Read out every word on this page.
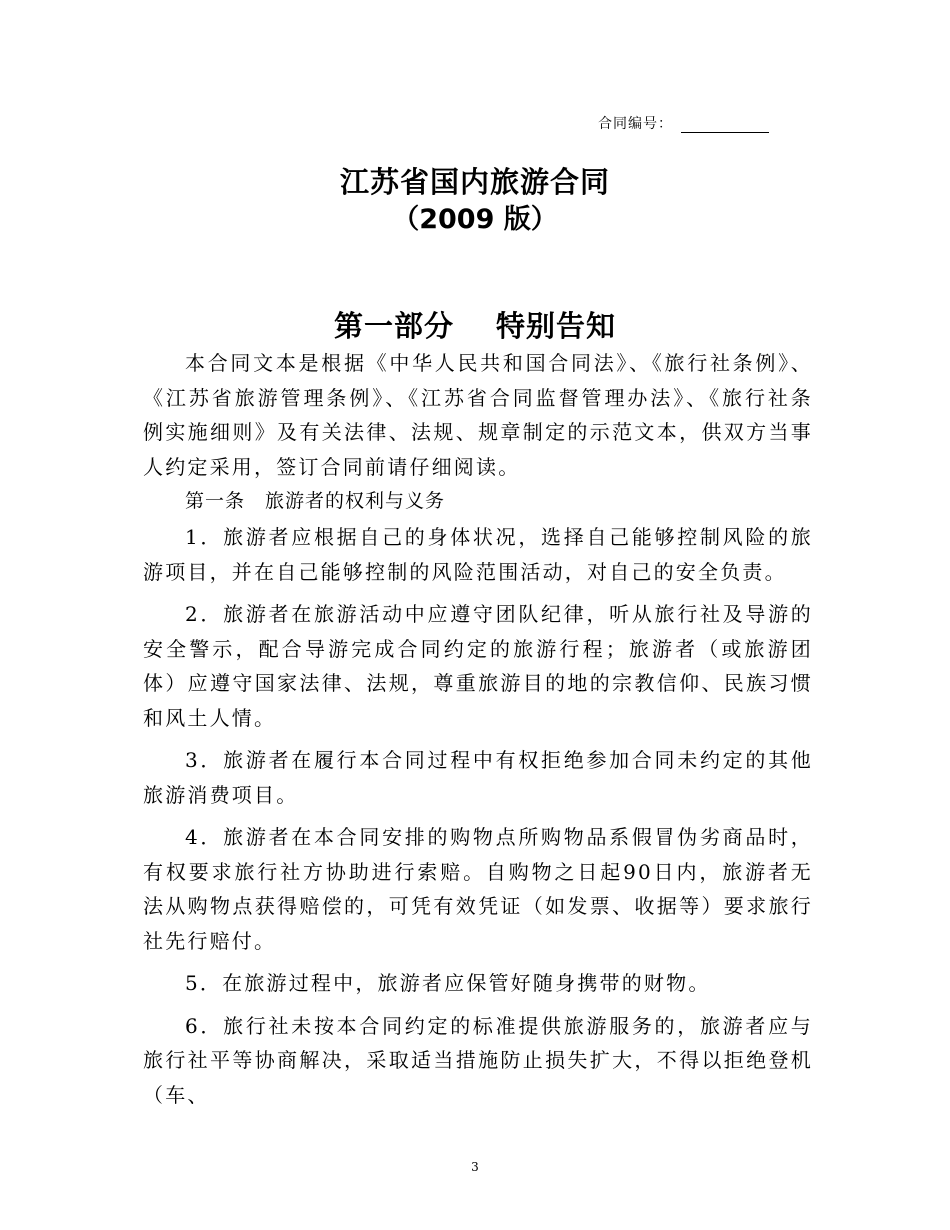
合同编号：
江苏省国内旅游合同
（2009 版）
第一部分 特别告知

本合同文本是根据《中华人民共和国合同法》、《旅行社条例》、《江苏省旅游管理条例》、《江苏省合同监督管理办法》、《旅行社条例实施细则》及有关法律、法规、规章制定的示范文本，供双方当事人约定采用，签订合同前请仔细阅读。

第一条 旅游者的权利与义务

1．旅游者应根据自己的身体状况，选择自己能够控制风险的旅游项目，并在自己能够控制的风险范围活动，对自己的安全负责。

2．旅游者在旅游活动中应遵守团队纪律，听从旅行社及导游的安全警示，配合导游完成合同约定的旅游行程；旅游者（或旅游团体）应遵守国家法律、法规，尊重旅游目的地的宗教信仰、民族习惯和风土人情。

3．旅游者在履行本合同过程中有权拒绝参加合同未约定的其他旅游消费项目。

4．旅游者在本合同安排的购物点所购物品系假冒伪劣商品时，有权要求旅行社方协助进行索赔。自购物之日起90日内，旅游者无法从购物点获得赔偿的，可凭有效凭证（如发票、收据等）要求旅行社先行赔付。

5．在旅游过程中，旅游者应保管好随身携带的财物。

6．旅行社未按本合同约定的标准提供旅游服务的，旅游者应与旅行社平等协商解决，采取适当措施防止损失扩大，不得以拒绝登机（车、

3
